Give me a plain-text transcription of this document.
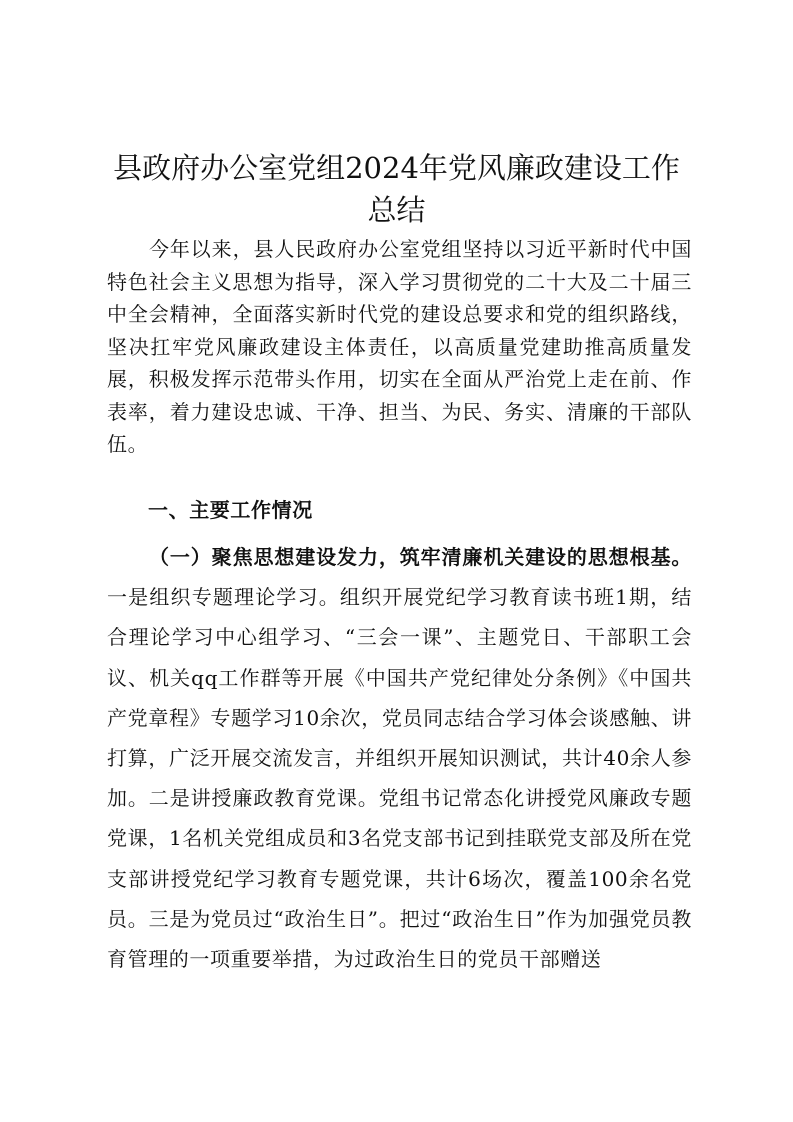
县政府办公室党组2024年党风廉政建设工作总结

今年以来，县人民政府办公室党组坚持以习近平新时代中国特色社会主义思想为指导，深入学习贯彻党的二十大及二十届三中全会精神，全面落实新时代党的建设总要求和党的组织路线，坚决扛牢党风廉政建设主体责任，以高质量党建助推高质量发展，积极发挥示范带头作用，切实在全面从严治党上走在前、作表率，着力建设忠诚、干净、担当、为民、务实、清廉的干部队伍。

一、主要工作情况

（一）聚焦思想建设发力，筑牢清廉机关建设的思想根基。一是组织专题理论学习。组织开展党纪学习教育读书班1期，结合理论学习中心组学习、“三会一课”、主题党日、干部职工会议、机关qq工作群等开展《中国共产党纪律处分条例》《中国共产党章程》专题学习10余次，党员同志结合学习体会谈感触、讲打算，广泛开展交流发言，并组织开展知识测试，共计40余人参加。二是讲授廉政教育党课。党组书记常态化讲授党风廉政专题党课，1名机关党组成员和3名党支部书记到挂联党支部及所在党支部讲授党纪学习教育专题党课，共计6场次，覆盖100余名党员。三是为党员过“政治生日”。把过“政治生日”作为加强党员教育管理的一项重要举措，为过政治生日的党员干部赠送
